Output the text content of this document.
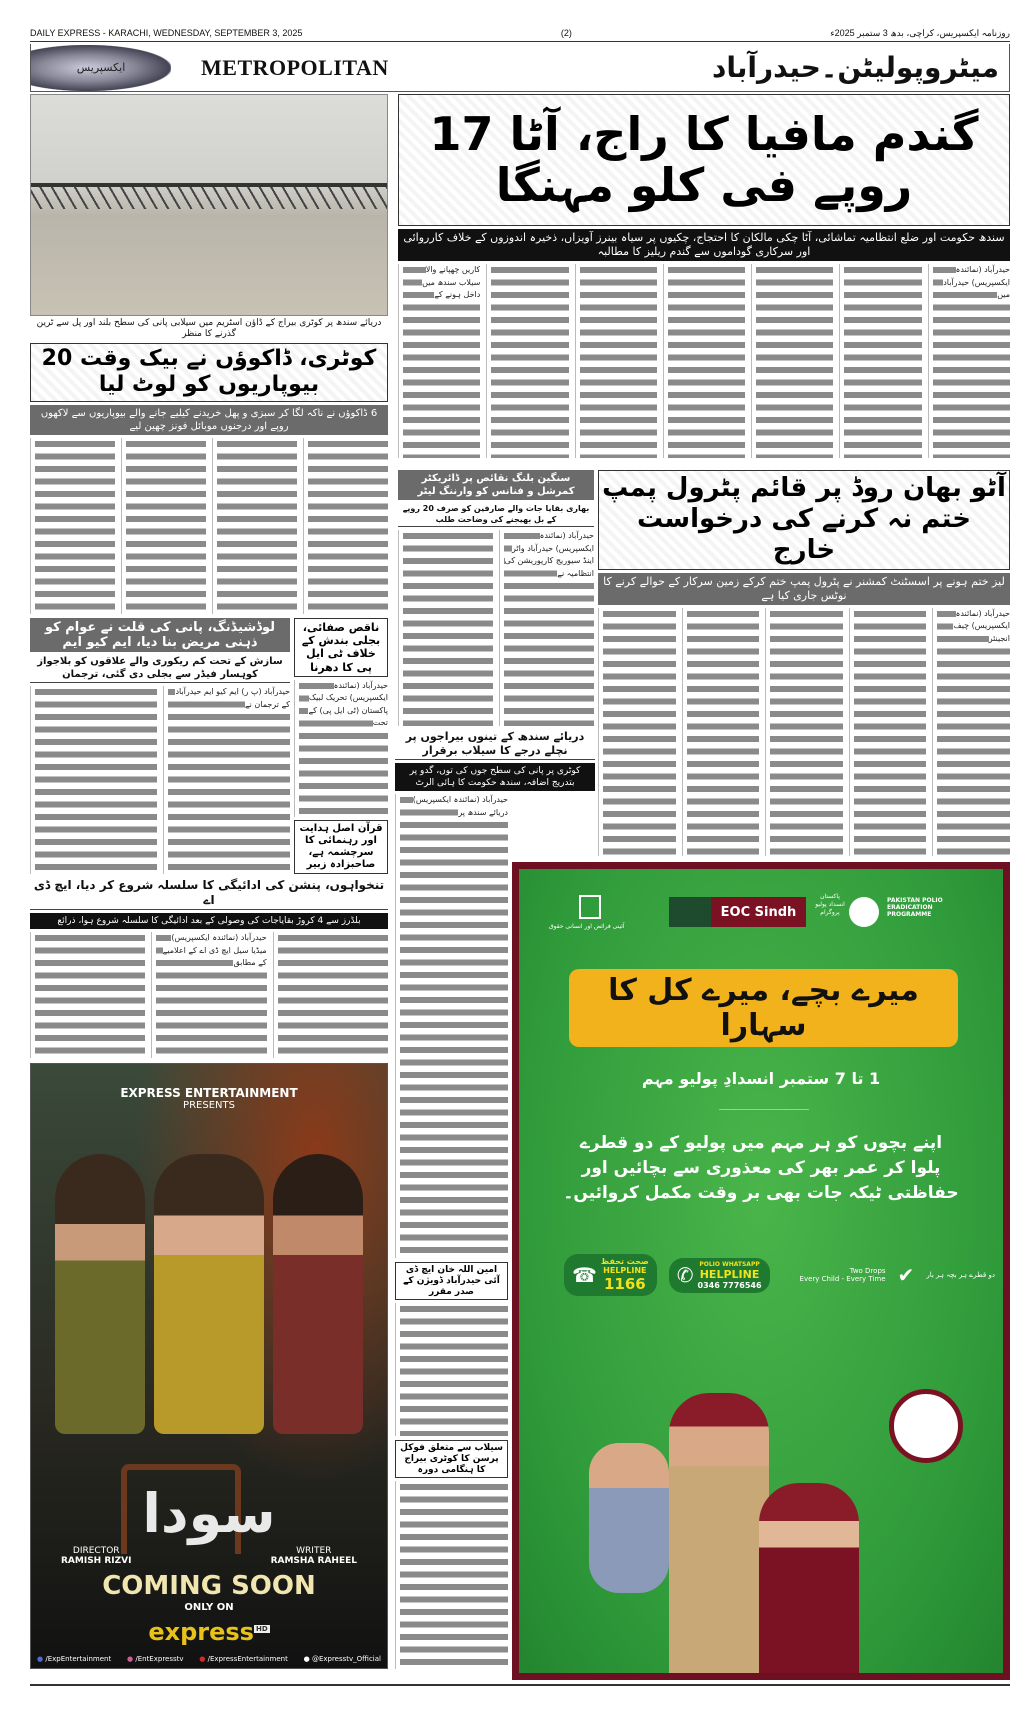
DAILY EXPRESS - KARACHI, WEDNESDAY, SEPTEMBER 3, 2025	(2)	روزنامہ ایکسپریس، کراچی، بدھ 3 ستمبر 2025ء
ایکسپریس	METROPOLITAN	میٹروپولیٹن۔حیدرآباد
دریائے سندھ پر کوٹری بیراج کے ڈاؤن اسٹریم میں سیلابی پانی کی سطح بلند اور پل سے ٹرین گذرنے کا منظر
کوٹری، ڈاکوؤں نے بیک وقت 20 بیوپاریوں کو لوٹ لیا
6 ڈاکوؤں نے ناکہ لگا کر سبزی و پھل خریدنے کیلیے جانے والے بیوپاریوں سے لاکھوں روپے اور درجنوں موبائل فونز چھین لیے
لوڈشیڈنگ، پانی کی قلت نے عوام کو ذہنی مریض بنا دیا، ایم کیو ایم
سازش کے تحت کم ریکوری والے علاقوں کو بلاجواز کوہسار فیڈر سے بجلی دی گئی، ترجمان
حیدرآباد (پ ر) ایم کیو ایم حیدرآباد کے ترجمان نے
ناقص صفائی، بجلی بندش کے خلاف ٹی ایل پی کا دھرنا
حیدرآباد (نمائندہ ایکسپریس) تحریک لبیک پاکستان (ٹی ایل پی) کے تحت
قرآن اصل ہدایت اور رہنمائی کا سرچشمہ ہے، صاحبزادہ زبیر
تنخواہوں، پنشن کی ادائیگی کا سلسلہ شروع کر دیا، ایچ ڈی اے
بلڈرز سے 4 کروڑ بقایاجات کی وصولی کے بعد ادائیگی کا سلسلہ شروع ہوا، ذرائع
حیدرآباد (نمائندہ ایکسپریس) میڈیا سیل ایچ ڈی اے کے اعلامیے کے مطابق
EXPRESS ENTERTAINMENT
PRESENTS
سودا
DIRECTOR
RAMISH RIZVI
WRITER
RAMSHA RAHEEL
COMING SOON
ONLY ON
express $^{HD}$
● /ExpEntertainment ● /EntExpresstv ● /ExpressEntertainment ● @Expresstv_Official
گندم مافیا کا راج، آٹا 17 روپے فی کلو مہنگا
سندھ حکومت اور ضلع انتظامیہ تماشائی، آٹا چکی مالکان کا احتجاج، چکیوں پر سیاہ بینرز آویزاں، ذخیرہ اندوزوں کے خلاف کارروائی اور سرکاری گوداموں سے گندم ریلیز کا مطالبہ
حیدرآباد (نمائندہ ایکسپریس) حیدرآباد میں
کاریں چھپانے والا سیلاب سندھ میں داخل ہونے کے
سنگین بلنگ نقائص پر ڈائریکٹر کمرشل و فنانس کو وارننگ لیٹر
بھاری بقایا جات والے صارفین کو صرف 20 روپے کے بل بھیجنے کی وضاحت طلب
حیدرآباد (نمائندہ ایکسپریس) حیدرآباد واٹر اینڈ سیوریج کارپوریشن کی انتظامیہ نے
آٹو بھان روڈ پر قائم پٹرول پمپ ختم نہ کرنے کی درخواست خارج
لیز ختم ہونے پر اسسٹنٹ کمشنر نے پٹرول پمپ ختم کرکے زمین سرکار کے حوالے کرنے کا نوٹس جاری کیا ہے
حیدرآباد (نمائندہ ایکسپریس) چیف انجینئر
دریائے سندھ کے تینوں بیراجوں پر نچلے درجے کا سیلاب برقرار
کوٹری پر پانی کی سطح جوں کی توں، گدو پر بتدریج اضافہ، سندھ حکومت کا ہائی الرٹ
حیدرآباد (نمائندہ ایکسپریس) دریائے سندھ پر
امین اللہ خان ایچ ڈی آئی حیدرآباد ڈویژن کے صدر مقرر
سیلاب سے متعلق فوکل پرسن کا کوٹری بیراج کا ہنگامی دورہ
آئینی فرائض اور انسانی حقوق
EOC Sindh
پاکستان انسداد پولیو پروگرام
PAKISTAN POLIO ERADICATION PROGRAMME
میرے بچے، میرے کل کا سہارا
1 تا 7 ستمبر انسدادِ پولیو مہم
اپنے بچوں کو ہر مہم میں پولیو کے دو قطرے
پلوا کر عمر بھر کی معذوری سے بچائیں اور
حفاظتی ٹیکہ جات بھی بر وقت مکمل کروائیں۔
☎
صحت تحفظ
HELPLINE
1166 ✆ POLIO WHATSAPP
HELPLINE
0346 7776546
Two Drops
Every Child - Every Time ✔ دو قطرے ہر بچہ ہر بار
